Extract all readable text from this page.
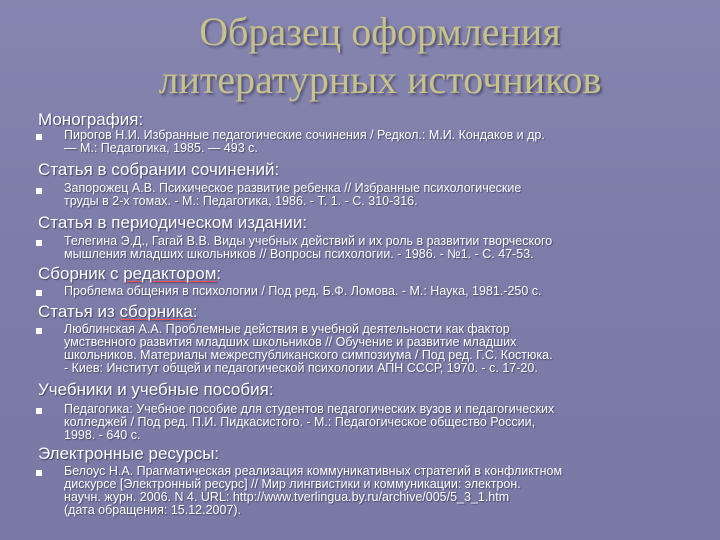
Образец оформления
литературных источников
Монография:
Пирогов Н.И. Избранные педагогические сочинения / Редкол.: М.И. Кондаков и др.
— М.: Педагогика, 1985. — 493 с.
Статья в собрании сочинений:
Запорожец А.В. Психическое развитие ребенка // Избранные психологические
труды в 2-х томах. - М.: Педагогика, 1986. - Т. 1. - С. 310-316.
Статья в периодическом издании:
Телегина Э.Д., Гагай В.В. Виды учебных действий и их роль в развитии творческого
мышления младших школьников // Вопросы психологии. - 1986. - №1. - С. 47-53.
Сборник с редактором:
Проблема общения в психологии / Под ред. Б.Ф. Ломова. - М.: Наука, 1981.-250 с.
Статья из сборника:
Люблинская А.А. Проблемные действия в учебной деятельности как фактор
умственного развития младших школьников // Обучение и развитие младших
школьников. Материалы межреспубликанского симпозиума / Под ред. Г.С. Костюка.
- Киев: Институт общей и педагогической психологии АПН СССР, 1970. - с. 17-20.
Учебники и учебные пособия:
Педагогика: Учебное пособие для студентов педагогических вузов и педагогических
колледжей / Под ред. П.И. Пидкасистого. - М.: Педагогическое общество России,
1998. - 640 с.
Электронные ресурсы:
Белоус Н.А. Прагматическая реализация коммуникативных стратегий в конфликтном
дискурсе [Электронный ресурс] // Мир лингвистики и коммуникации: электрон.
научн. журн. 2006. N 4. URL: http://www.tverlingua.by.ru/archive/005/5_3_1.htm
(дата обращения: 15.12.2007).
